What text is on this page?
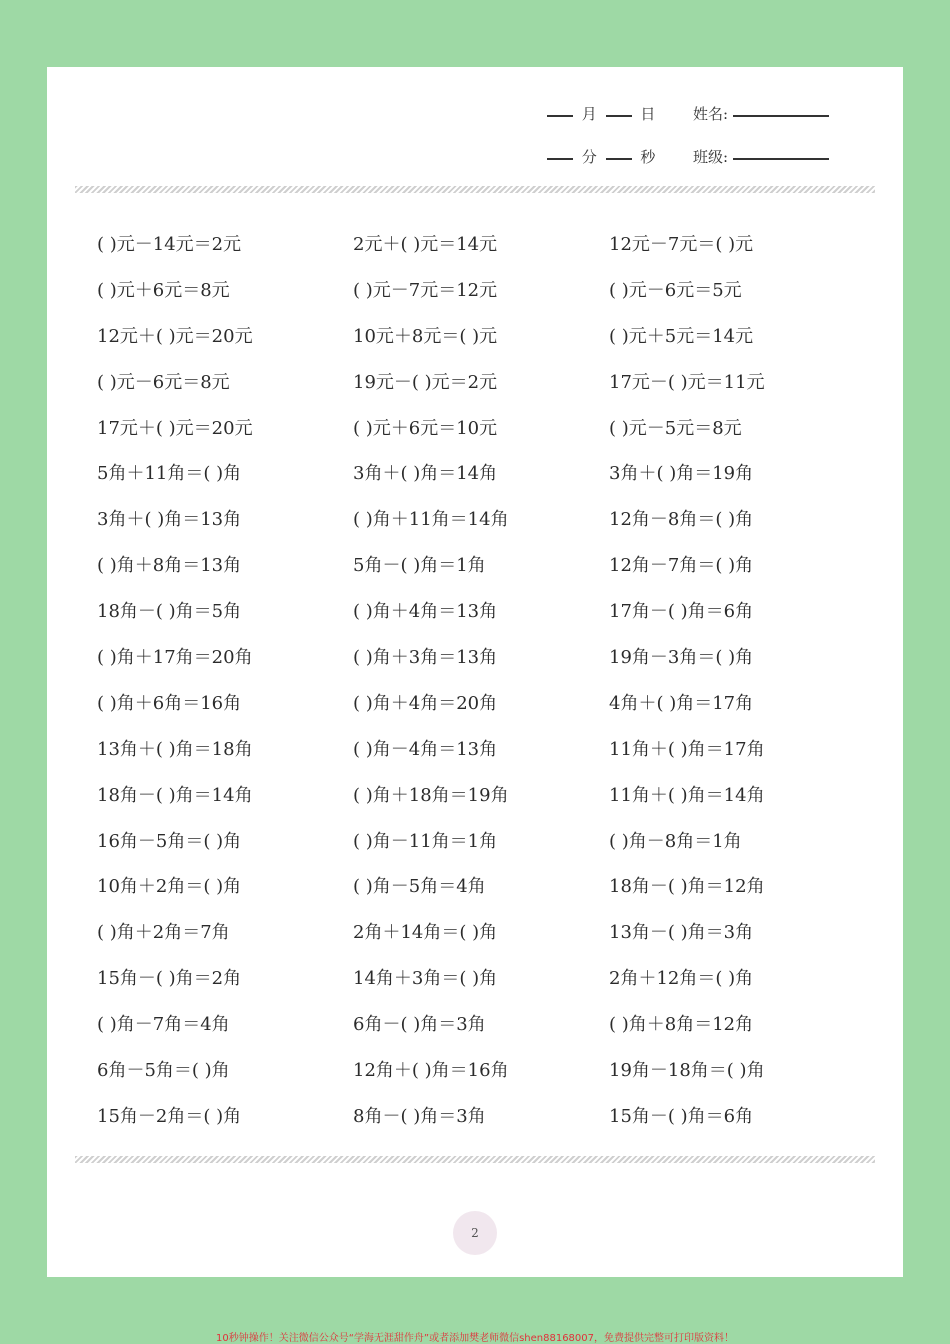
月	日	姓名:
分	秒	班级:
( )元－14元＝2元	2元＋( )元＝14元	12元－7元＝( )元
( )元＋6元＝8元	( )元－7元＝12元	( )元－6元＝5元
12元＋( )元＝20元	10元＋8元＝( )元	( )元＋5元＝14元
( )元－6元＝8元	19元－( )元＝2元	17元－( )元＝11元
17元＋( )元＝20元	( )元＋6元＝10元	( )元－5元＝8元
5角＋11角＝( )角	3角＋( )角＝14角	3角＋( )角＝19角
3角＋( )角＝13角	( )角＋11角＝14角	12角－8角＝( )角
( )角＋8角＝13角	5角－( )角＝1角	12角－7角＝( )角
18角－( )角＝5角	( )角＋4角＝13角	17角－( )角＝6角
( )角＋17角＝20角	( )角＋3角＝13角	19角－3角＝( )角
( )角＋6角＝16角	( )角＋4角＝20角	4角＋( )角＝17角
13角＋( )角＝18角	( )角－4角＝13角	11角＋( )角＝17角
18角－( )角＝14角	( )角＋18角＝19角	11角＋( )角＝14角
16角－5角＝( )角	( )角－11角＝1角	( )角－8角＝1角
10角＋2角＝( )角	( )角－5角＝4角	18角－( )角＝12角
( )角＋2角＝7角	2角＋14角＝( )角	13角－( )角＝3角
15角－( )角＝2角	14角＋3角＝( )角	2角＋12角＝( )角
( )角－7角＝4角	6角－( )角＝3角	( )角＋8角＝12角
6角－5角＝( )角	12角＋( )角＝16角	19角－18角＝( )角
15角－2角＝( )角	8角－( )角＝3角	15角－( )角＝6角
2
10秒钟操作！关注微信公众号“学海无涯甜作舟”或者添加樊老师微信shen88168007，免费提供完整可打印版资料！
